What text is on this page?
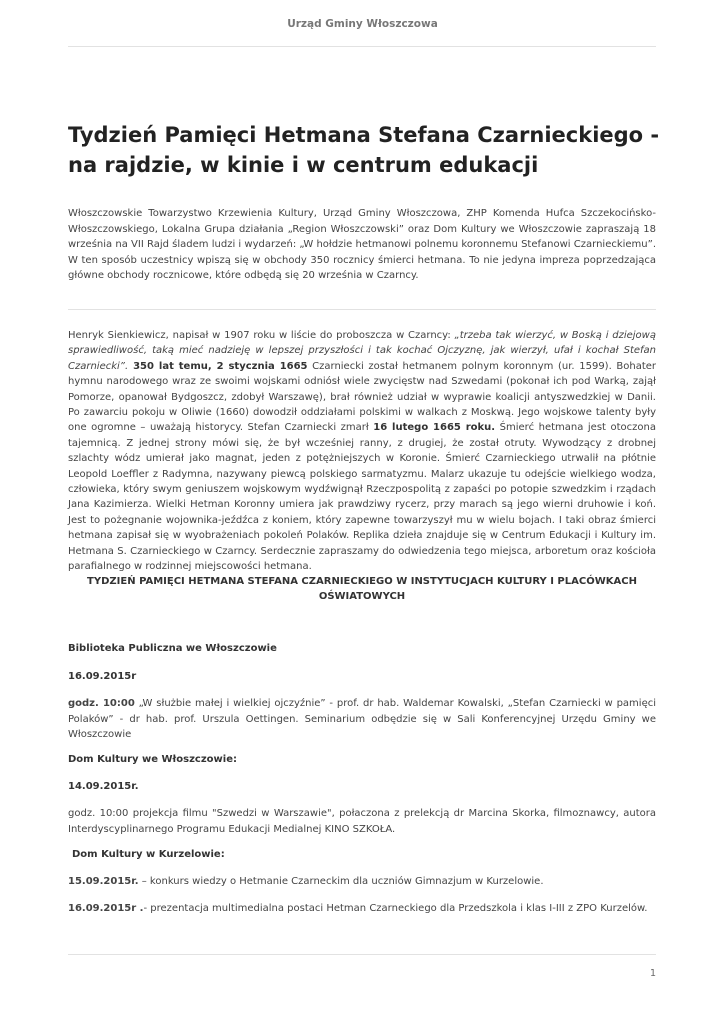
Urząd Gminy Włoszczowa
Tydzień Pamięci Hetmana Stefana Czarnieckiego - na rajdzie, w kinie i w centrum edukacji

Włoszczowskie Towarzystwo Krzewienia Kultury, Urząd Gminy Włoszczowa, ZHP Komenda Hufca Szczekocińsko-Włoszczowskiego, Lokalna Grupa działania „Region Włoszczowski” oraz Dom Kultury we Włoszczowie zapraszają 18 września na VII Rajd śladem ludzi i wydarzeń: „W hołdzie hetmanowi polnemu koronnemu Stefanowi Czarnieckiemu”. W ten sposób uczestnicy wpiszą się w obchody 350 rocznicy śmierci hetmana. To nie jedyna impreza poprzedzająca główne obchody rocznicowe, które odbędą się 20 września w Czarncy.

Henryk Sienkiewicz, napisał w 1907 roku w liście do proboszcza w Czarncy: „trzeba tak wierzyć, w Boską i dziejową sprawiedliwość, taką mieć nadzieję w lepszej przyszłości i tak kochać Ojczyznę, jak wierzył, ufał i kochał Stefan Czarniecki”. 350 lat temu, 2 stycznia 1665 Czarniecki został hetmanem polnym koronnym (ur. 1599). Bohater hymnu narodowego wraz ze swoimi wojskami odniósł wiele zwycięstw nad Szwedami (pokonał ich pod Warką, zajął Pomorze, opanował Bydgoszcz, zdobył Warszawę), brał również udział w wyprawie koalicji antyszwedzkiej w Danii. Po zawarciu pokoju w Oliwie (1660) dowodził oddziałami polskimi w walkach z Moskwą. Jego wojskowe talenty były one ogromne – uważają historycy. Stefan Czarniecki zmarł 16 lutego 1665 roku. Śmierć hetmana jest otoczona tajemnicą. Z jednej strony mówi się, że był wcześniej ranny, z drugiej, że został otruty. Wywodzący z drobnej szlachty wódz umierał jako magnat, jeden z potężniejszych w Koronie. Śmierć Czarnieckiego utrwalił na płótnie Leopold Loeffler z Radymna, nazywany piewcą polskiego sarmatyzmu. Malarz ukazuje tu odejście wielkiego wodza, człowieka, który swym geniuszem wojskowym wydźwignął Rzeczpospolitą z zapaści po potopie szwedzkim i rządach Jana Kazimierza. Wielki Hetman Koronny umiera jak prawdziwy rycerz, przy marach są jego wierni druhowie i koń. Jest to pożegnanie wojownika-jeźdźca z koniem, który zapewne towarzyszył mu w wielu bojach. I taki obraz śmierci hetmana zapisał się w wyobrażeniach pokoleń Polaków. Replika dzieła znajduje się w Centrum Edukacji i Kultury im. Hetmana S. Czarnieckiego w Czarncy. Serdecznie zapraszamy do odwiedzenia tego miejsca, arboretum oraz kościoła parafialnego w rodzinnej miejscowości hetmana.

TYDZIEŃ PAMIĘCI HETMANA STEFANA CZARNIECKIEGO W INSTYTUCJACH KULTURY I PLACÓWKACH OŚWIATOWYCH

Biblioteka Publiczna we Włoszczowie

16.09.2015r

godz. 10:00 „W służbie małej i wielkiej ojczyźnie” - prof. dr hab. Waldemar Kowalski, „Stefan Czarniecki w pamięci Polaków” - dr hab. prof. Urszula Oettingen. Seminarium odbędzie się w Sali Konferencyjnej Urzędu Gminy we Włoszczowie

Dom Kultury we Włoszczowie:

14.09.2015r.

godz. 10:00 projekcja filmu "Szwedzi w Warszawie", połaczona z prelekcją dr Marcina Skorka, filmoznawcy, autora Interdyscyplinarnego Programu Edukacji Medialnej KINO SZKOŁA.

Dom Kultury w Kurzelowie:

15.09.2015r. – konkurs wiedzy o Hetmanie Czarneckim dla uczniów Gimnazjum w Kurzelowie.

16.09.2015r .- prezentacja multimedialna postaci Hetman Czarneckiego dla Przedszkola i klas I-III z ZPO Kurzelów.

1
